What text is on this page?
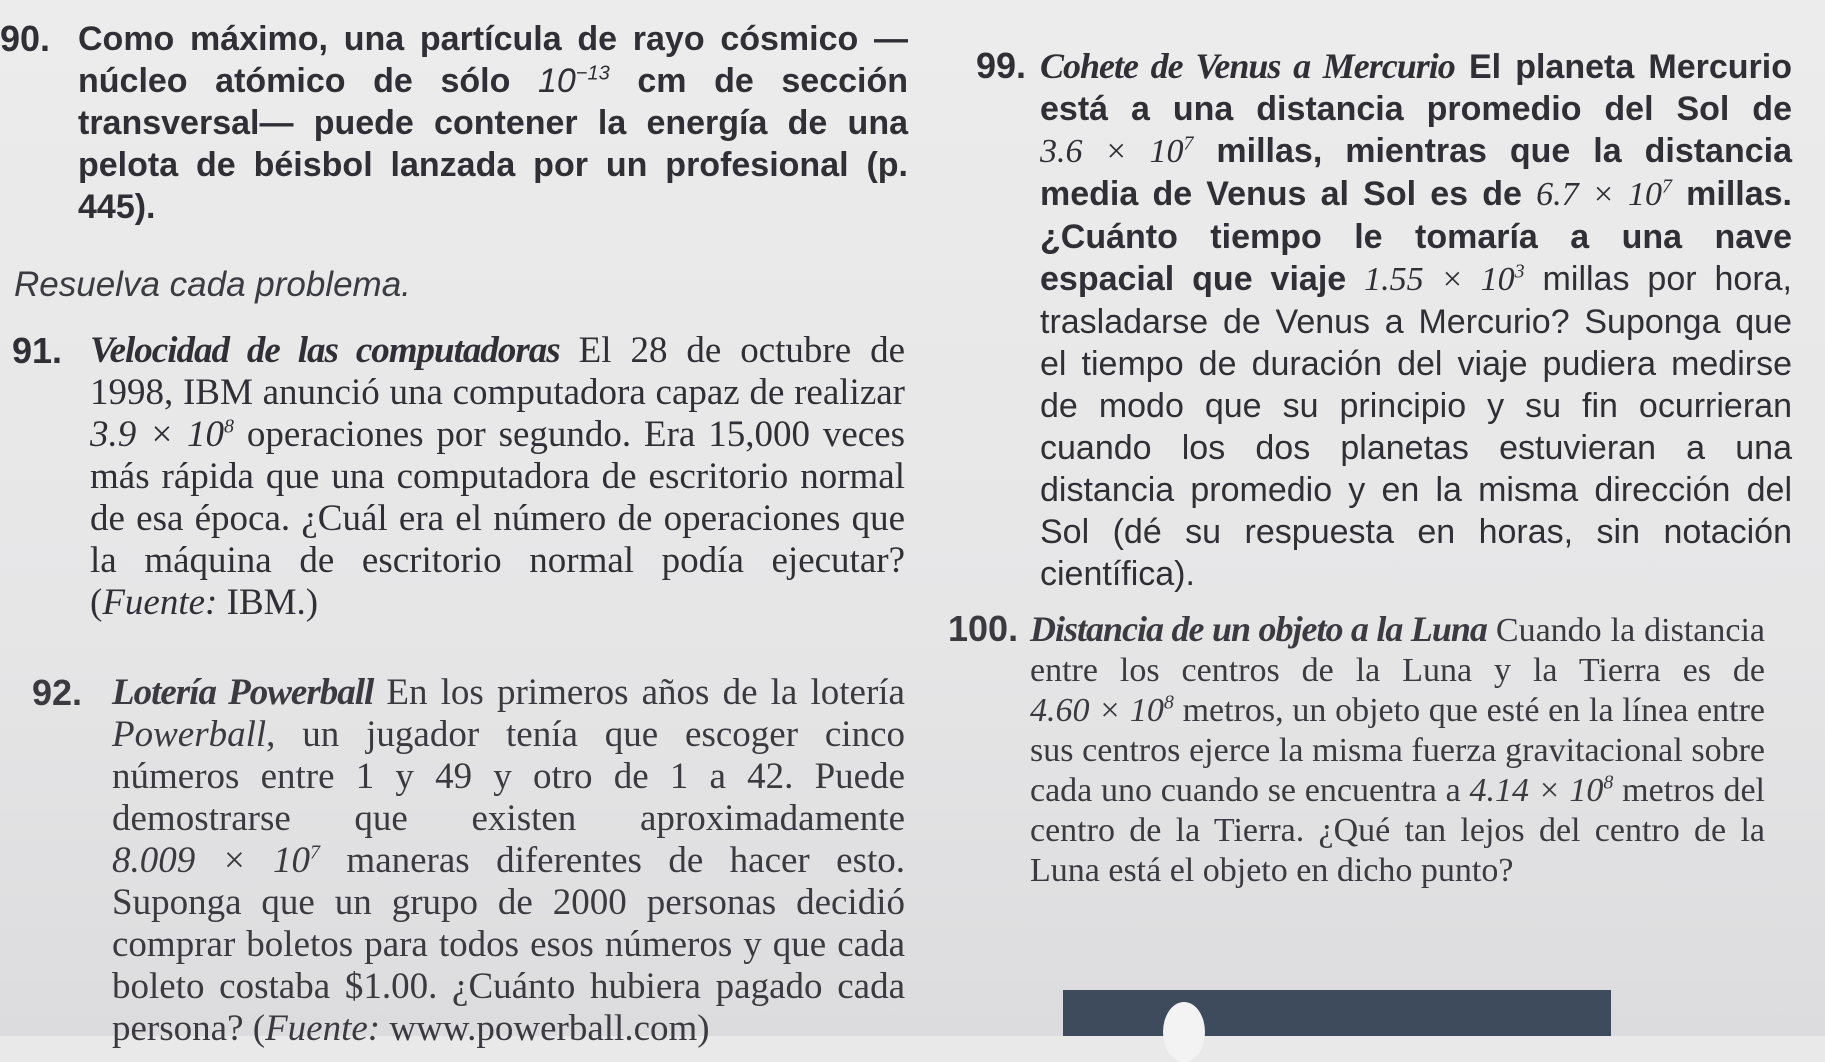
90. Como máximo, una partícula de rayo cósmico —núcleo atómico de sólo $10^{-13}$ cm de sección transversal— puede contener la energía de una pelota de béisbol lanzada por un profesional (p. 445).
Resuelva cada problema.
91. Velocidad de las computadoras El 28 de octubre de 1998, IBM anunció una computadora capaz de realizar $3.9 \times 10^8$ operaciones por segundo. Era 15,000 veces más rápida que una computadora de escritorio normal de esa época. ¿Cuál era el número de operaciones que la máquina de escritorio normal podía ejecutar? (Fuente: IBM.)
92. Lotería Powerball En los primeros años de la lotería Powerball, un jugador tenía que escoger cinco números entre 1 y 49 y otro de 1 a 42. Puede demostrarse que existen aproximadamente $8.009 \times 10^7$ maneras diferentes de hacer esto. Suponga que un grupo de 2000 personas decidió comprar boletos para todos esos números y que cada boleto costaba $1.00. ¿Cuánto hubiera pagado cada persona? (Fuente: www.powerball.com)
99. Cohete de Venus a Mercurio El planeta Mercurio está a una distancia promedio del Sol de $3.6 \times 10^7$ millas, mientras que la distancia media de Venus al Sol es de $6.7 \times 10^7$ millas. ¿Cuánto tiempo le tomaría a una nave espacial que viaje $1.55 \times 10^3$ millas por hora, trasladarse de Venus a Mercurio? Suponga que el tiempo de duración del viaje pudiera medirse de modo que su principio y su fin ocurrieran cuando los dos planetas estuvieran a una distancia promedio y en la misma dirección del Sol (dé su respuesta en horas, sin notación científica).
100. Distancia de un objeto a la Luna Cuando la distancia entre los centros de la Luna y la Tierra es de $4.60 \times 10^8$ metros, un objeto que esté en la línea entre sus centros ejerce la misma fuerza gravitacional sobre cada uno cuando se encuentra a $4.14 \times 10^8$ metros del centro de la Tierra. ¿Qué tan lejos del centro de la Luna está el objeto en dicho punto?
